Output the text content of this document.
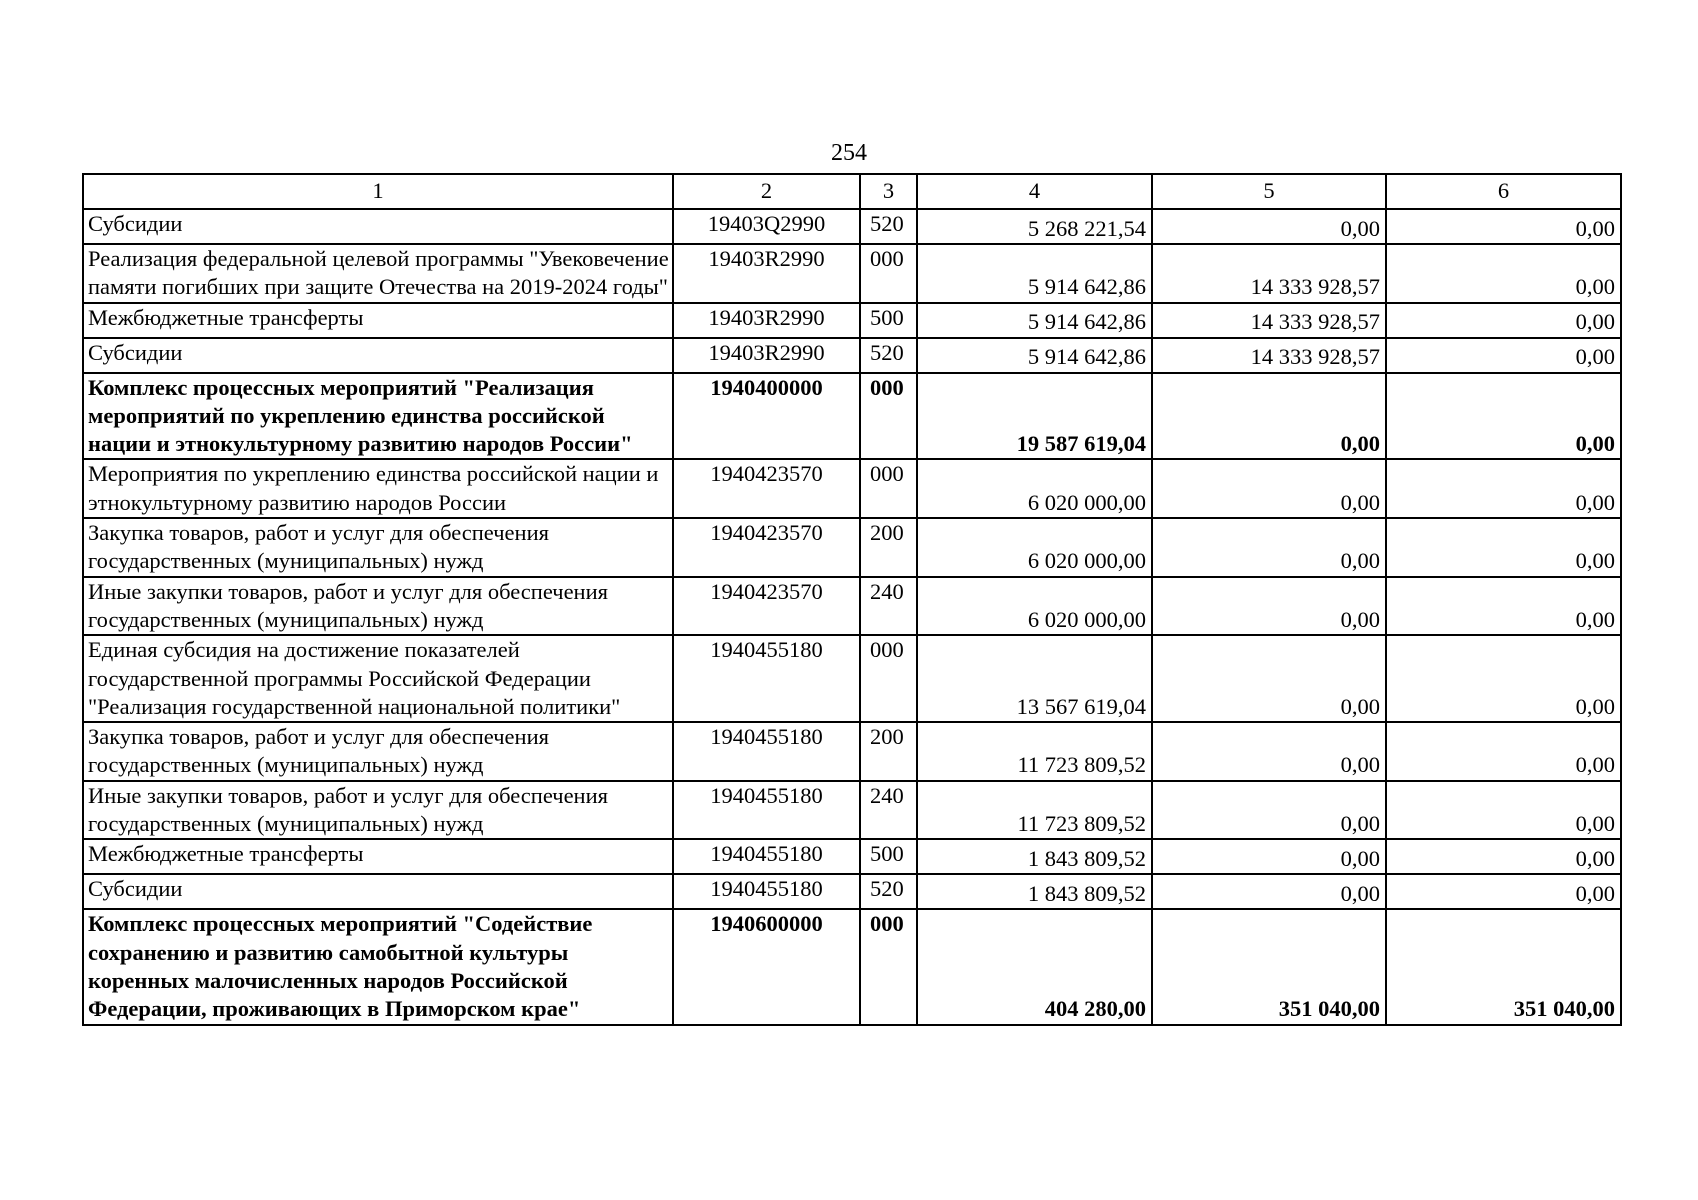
254
1	2	3	4	5	6
Субсидии	19403Q2990	520	5 268 221,54	0,00	0,00
Реализация федеральной целевой программы "Увековечение памяти погибших при защите Отечества на 2019-2024 годы"	19403R2990	000	5 914 642,86	14 333 928,57	0,00
Межбюджетные трансферты	19403R2990	500	5 914 642,86	14 333 928,57	0,00
Субсидии	19403R2990	520	5 914 642,86	14 333 928,57	0,00
Комплекс процессных мероприятий "Реализация мероприятий по укреплению единства российской нации и этнокультурному развитию народов России"	1940400000	000	19 587 619,04	0,00	0,00
Мероприятия по укреплению единства российской нации и этнокультурному развитию народов России	1940423570	000	6 020 000,00	0,00	0,00
Закупка товаров, работ и услуг для обеспечения государственных (муниципальных) нужд	1940423570	200	6 020 000,00	0,00	0,00
Иные закупки товаров, работ и услуг для обеспечения государственных (муниципальных) нужд	1940423570	240	6 020 000,00	0,00	0,00
Единая субсидия на достижение показателей государственной программы Российской Федерации "Реализация государственной национальной политики"	1940455180	000	13 567 619,04	0,00	0,00
Закупка товаров, работ и услуг для обеспечения государственных (муниципальных) нужд	1940455180	200	11 723 809,52	0,00	0,00
Иные закупки товаров, работ и услуг для обеспечения государственных (муниципальных) нужд	1940455180	240	11 723 809,52	0,00	0,00
Межбюджетные трансферты	1940455180	500	1 843 809,52	0,00	0,00
Субсидии	1940455180	520	1 843 809,52	0,00	0,00
Комплекс процессных мероприятий "Содействие сохранению и развитию самобытной культуры коренных малочисленных народов Российской Федерации, проживающих в Приморском крае"	1940600000	000	404 280,00	351 040,00	351 040,00
